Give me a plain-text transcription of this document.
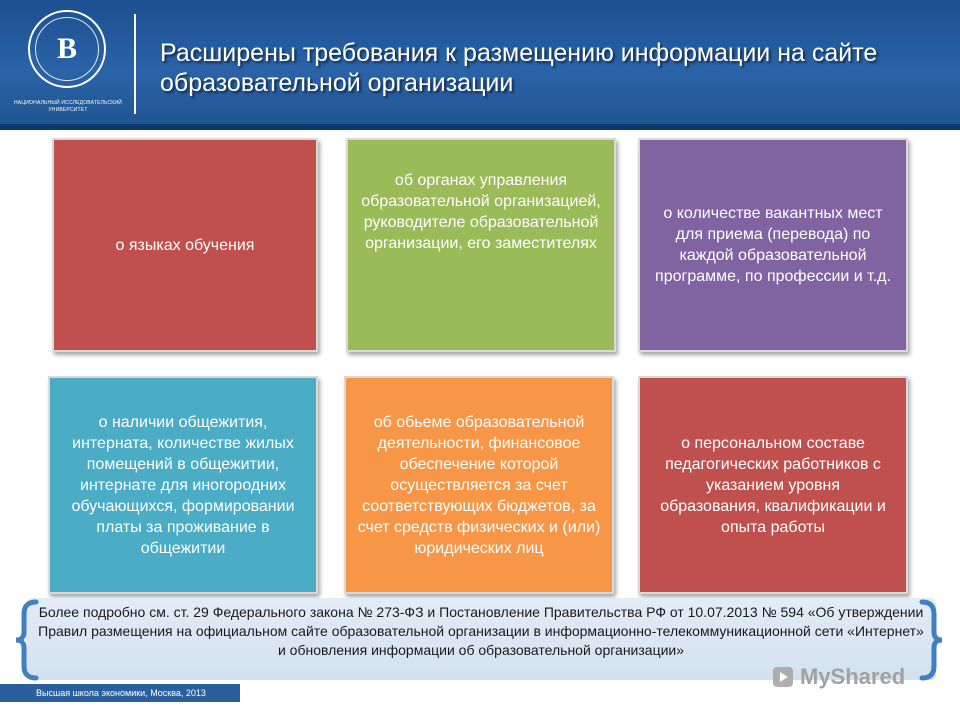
B
НАЦИОНАЛЬНЫЙ ИССЛЕДОВАТЕЛЬСКИЙ УНИВЕРСИТЕТ
Расширены требования к размещению информации на сайте образовательной организации
о языках обучения
об органах управления образовательной организацией, руководителе образовательной организации, его заместителях
о количестве вакантных мест для приема (перевода) по каждой образовательной программе, по профессии и т.д.
о наличии общежития, интерната, количестве жилых помещений в общежитии, интернате для иногородних обучающихся, формировании платы за проживание в общежитии
об обьеме образовательной деятельности, финансовое обеспечение которой осуществляется за счет соответствующих бюджетов, за счет средств физических и (или) юридических лиц
о персональном составе педагогических работников с указанием уровня образования, квалификации и опыта работы
Более подробно см. ст. 29 Федерального закона № 273-ФЗ и Постановление Правительства РФ от 10.07.2013 № 594 «Об утверждении Правил размещения на официальном сайте образовательной организации в информационно-телекоммуникационной сети «Интернет» и обновления информации об образовательной организации»
Высшая школа экономики, Москва, 2013
MyShared
